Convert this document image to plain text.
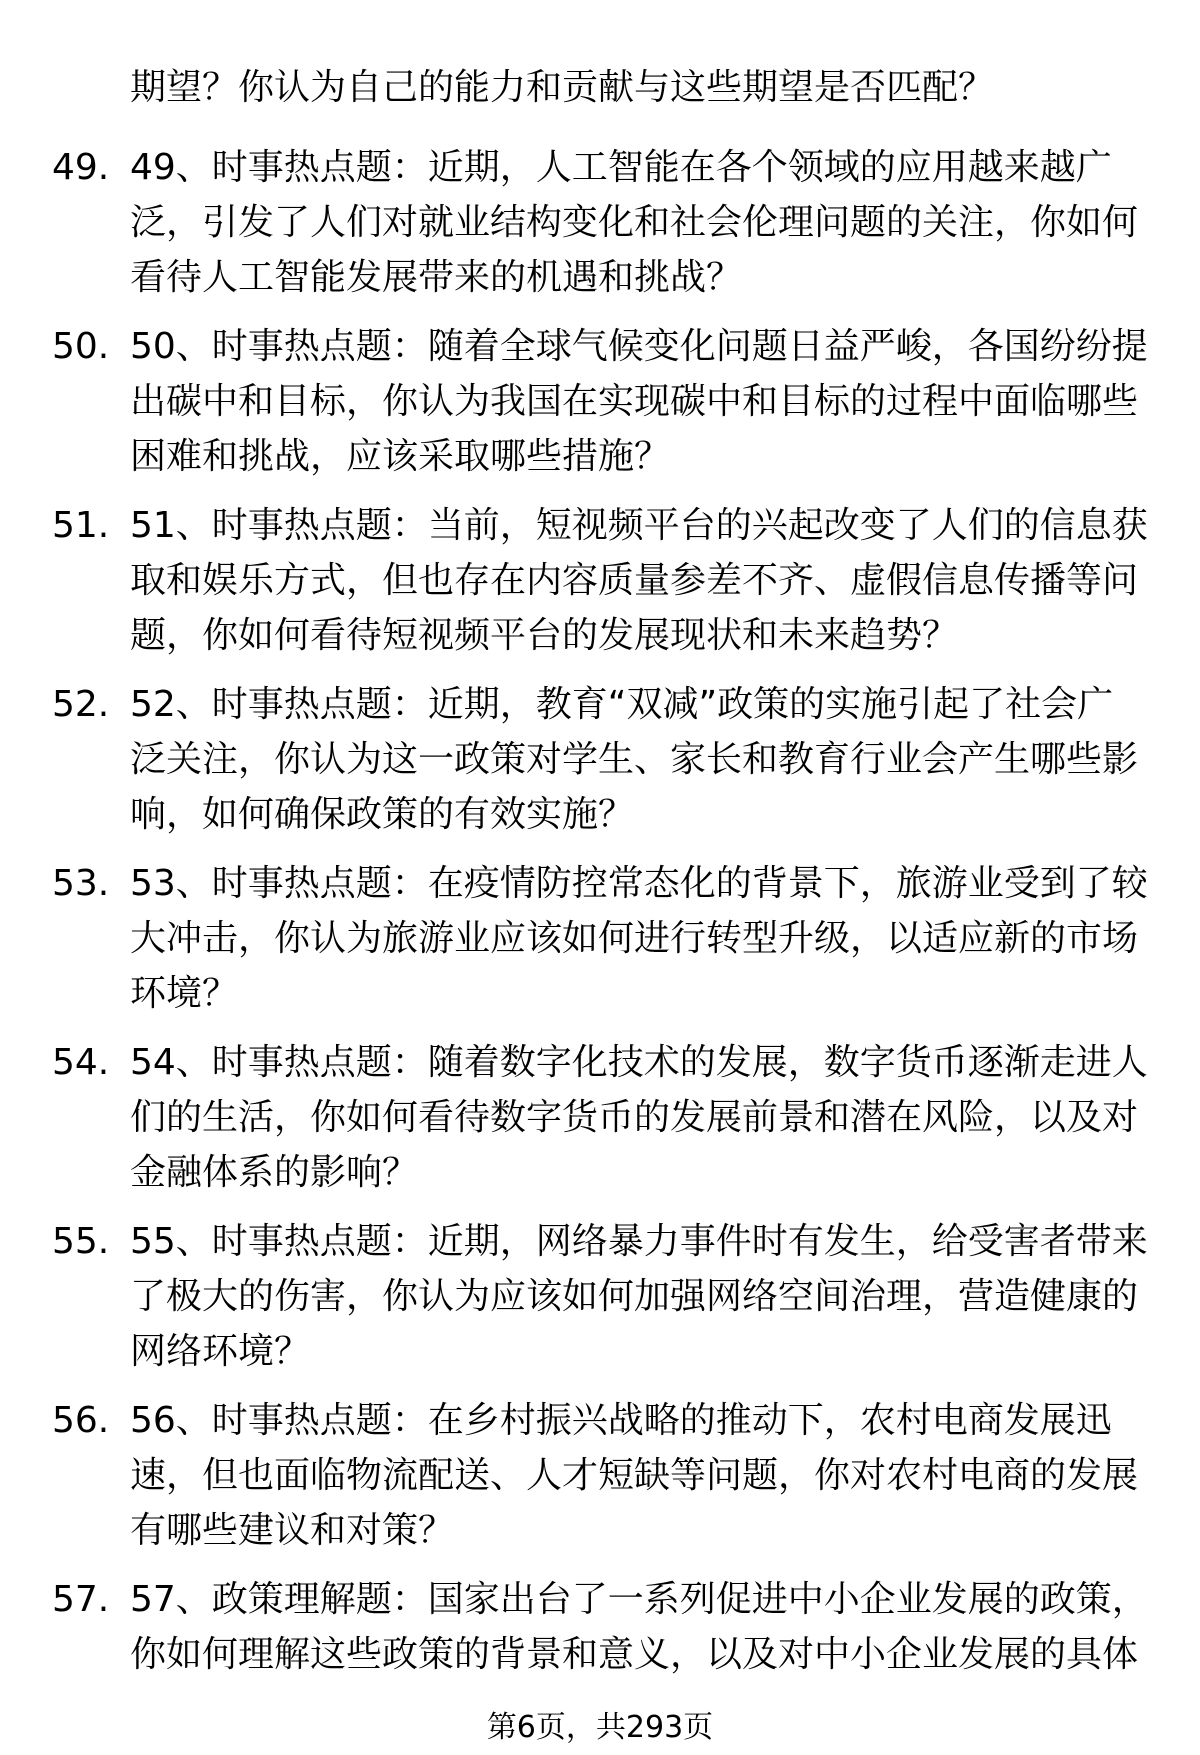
期望？你认为自己的能力和贡献与这些期望是否匹配？
49. 49、时事热点题：近期，人工智能在各个领域的应用越来越广
泛，引发了人们对就业结构变化和社会伦理问题的关注，你如何
看待人工智能发展带来的机遇和挑战？
50. 50、时事热点题：随着全球气候变化问题日益严峻，各国纷纷提
出碳中和目标，你认为我国在实现碳中和目标的过程中面临哪些
困难和挑战，应该采取哪些措施？
51. 51、时事热点题：当前，短视频平台的兴起改变了人们的信息获
取和娱乐方式，但也存在内容质量参差不齐、虚假信息传播等问
题，你如何看待短视频平台的发展现状和未来趋势？
52. 52、时事热点题：近期，教育“双减”政策的实施引起了社会广
泛关注，你认为这一政策对学生、家长和教育行业会产生哪些影
响，如何确保政策的有效实施？
53. 53、时事热点题：在疫情防控常态化的背景下，旅游业受到了较
大冲击，你认为旅游业应该如何进行转型升级，以适应新的市场
环境？
54. 54、时事热点题：随着数字化技术的发展，数字货币逐渐走进人
们的生活，你如何看待数字货币的发展前景和潜在风险，以及对
金融体系的影响？
55. 55、时事热点题：近期，网络暴力事件时有发生，给受害者带来
了极大的伤害，你认为应该如何加强网络空间治理，营造健康的
网络环境？
56. 56、时事热点题：在乡村振兴战略的推动下，农村电商发展迅
速，但也面临物流配送、人才短缺等问题，你对农村电商的发展
有哪些建议和对策？
57. 57、政策理解题：国家出台了一系列促进中小企业发展的政策，
你如何理解这些政策的背景和意义，以及对中小企业发展的具体
第6页，共293页
